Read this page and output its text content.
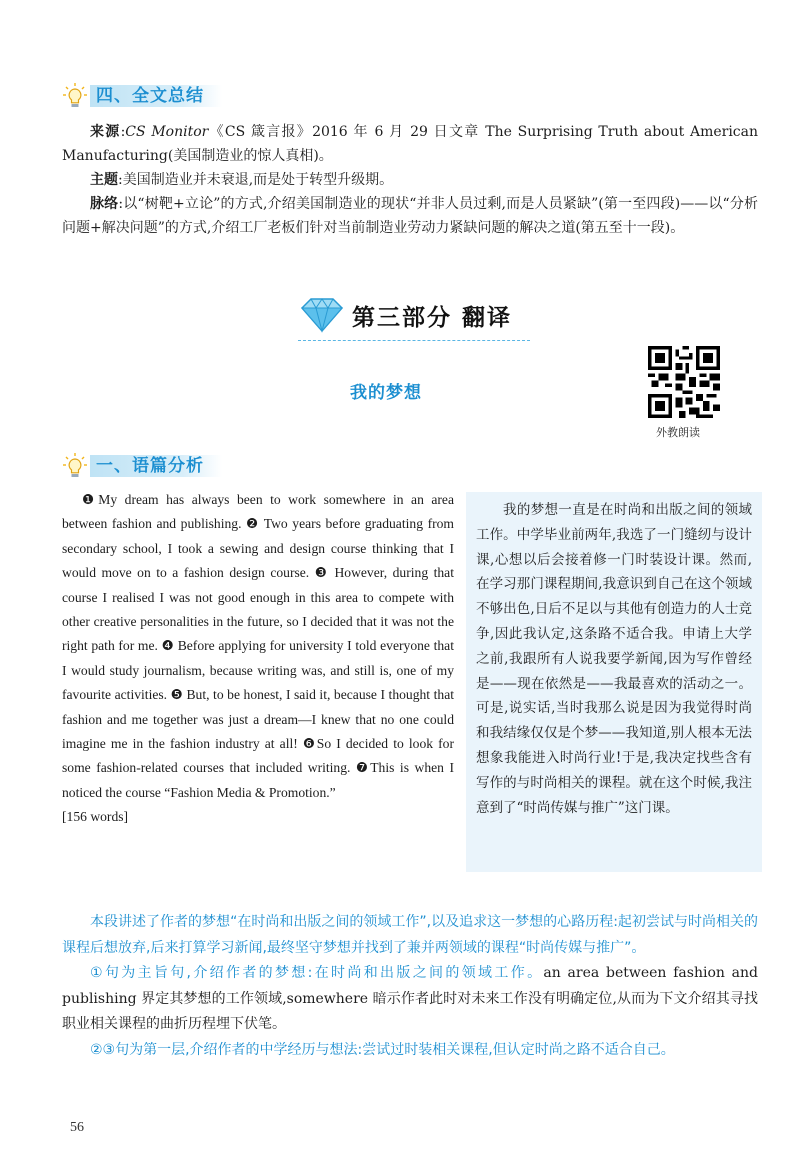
四、全文总结

来源:CS Monitor《CS 箴言报》2016 年 6 月 29 日文章 The Surprising Truth about American Manufacturing(美国制造业的惊人真相)。

主题:美国制造业并未衰退,而是处于转型升级期。

脉络:以“树靶+立论”的方式,介绍美国制造业的现状“并非人员过剩,而是人员紧缺”(第一至四段)——以“分析问题+解决问题”的方式,介绍工厂老板们针对当前制造业劳动力紧缺问题的解决之道(第五至十一段)。

第三部分 翻译
我的梦想
外教朗读
一、语篇分析

❶My dream has always been to work somewhere in an area between fashion and publishing. ❷ Two years before graduating from secondary school, I took a sewing and design course thinking that I would move on to a fashion design course. ❸ However, during that course I realised I was not good enough in this area to compete with other creative personalities in the future, so I decided that it was not the right path for me. ❹ Before applying for university I told everyone that I would study journalism, because writing was, and still is, one of my favourite activities. ❺ But, to be honest, I said it, because I thought that fashion and me together was just a dream—I knew that no one could imagine me in the fashion industry at all! ❻So I decided to look for some fashion-related courses that included writing. ❼This is when I noticed the course “Fashion Media & Promotion.”

[156 words]

我的梦想一直是在时尚和出版之间的领域工作。中学毕业前两年,我选了一门缝纫与设计课,心想以后会接着修一门时装设计课。然而,在学习那门课程期间,我意识到自己在这个领域不够出色,日后不足以与其他有创造力的人士竞争,因此我认定,这条路不适合我。申请上大学之前,我跟所有人说我要学新闻,因为写作曾经是——现在依然是——我最喜欢的活动之一。可是,说实话,当时我那么说是因为我觉得时尚和我结缘仅仅是个梦——我知道,别人根本无法想象我能进入时尚行业!于是,我决定找些含有写作的与时尚相关的课程。就在这个时候,我注意到了“时尚传媒与推广”这门课。

本段讲述了作者的梦想“在时尚和出版之间的领域工作”,以及追求这一梦想的心路历程:起初尝试与时尚相关的课程后想放弃,后来打算学习新闻,最终坚守梦想并找到了兼并两领域的课程“时尚传媒与推广”。

①句为主旨句,介绍作者的梦想:在时尚和出版之间的领域工作。an area between fashion and publishing 界定其梦想的工作领域,somewhere 暗示作者此时对未来工作没有明确定位,从而为下文介绍其寻找职业相关课程的曲折历程埋下伏笔。

②③句为第一层,介绍作者的中学经历与想法:尝试过时装相关课程,但认定时尚之路不适合自己。

56
